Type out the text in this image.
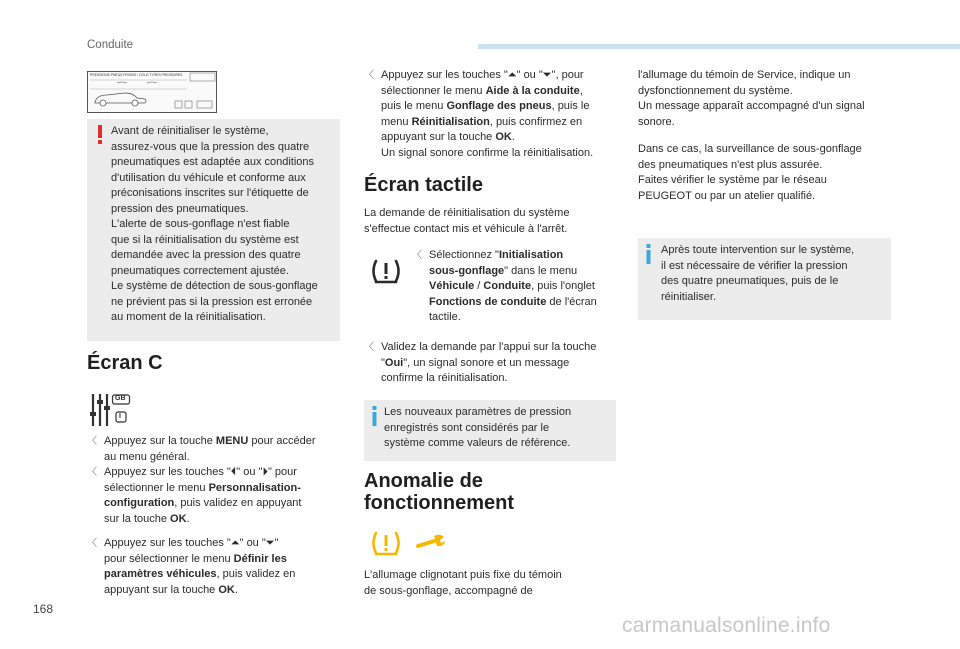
Conduite
PRESSIONS PNEUS FROIDS / COLD TYRES PRESSURES
Avant de réinitialiser le système,
assurez-vous que la pression des quatre
pneumatiques est adaptée aux conditions
d'utilisation du véhicule et conforme aux
préconisations inscrites sur l'étiquette de
pression des pneumatiques.
L'alerte de sous-gonflage n'est fiable
que si la réinitialisation du système est
demandée avec la pression des quatre
pneumatiques correctement ajustée.
Le système de détection de sous-gonflage
ne prévient pas si la pression est erronée
au moment de la réinitialisation.
Écran C
GB
I
〈︎ Appuyez sur la touche MENU pour accéder
au menu général.
〈︎ Appuyez sur les touches "⏴" ou "⏵" pour
sélectionner le menu Personnalisation-
configuration, puis validez en appuyant
sur la touche OK.
〈︎ Appuyez sur les touches "⏶" ou "⏷"
pour sélectionner le menu Définir les
paramètres véhicules, puis validez en
appuyant sur la touche OK.
〈︎ Appuyez sur les touches "⏶" ou "⏷", pour
sélectionner le menu Aide à la conduite,
puis le menu Gonflage des pneus, puis le
menu Réinitialisation, puis confirmez en
appuyant sur la touche OK.
Un signal sonore confirme la réinitialisation.
Écran tactile
La demande de réinitialisation du système
s'effectue contact mis et véhicule à l'arrêt.
〈︎ Sélectionnez "Initialisation
sous-gonflage" dans le menu
Véhicule / Conduite, puis l'onglet
Fonctions de conduite de l'écran
tactile.
〈︎ Validez la demande par l'appui sur la touche
"Oui", un signal sonore et un message
confirme la réinitialisation.
Les nouveaux paramètres de pression
enregistrés sont considérés par le
système comme valeurs de référence.
Anomalie de
fonctionnement
L'allumage clignotant puis fixe du témoin
de sous-gonflage, accompagné de
l'allumage du témoin de Service, indique un
dysfonctionnement du système.
Un message apparaît accompagné d'un signal
sonore.
Dans ce cas, la surveillance de sous-gonflage
des pneumatiques n'est plus assurée.
Faites vérifier le système par le réseau
PEUGEOT ou par un atelier qualifié.
Après toute intervention sur le système,
il est nécessaire de vérifier la pression
des quatre pneumatiques, puis de le
réinitialiser.
168
carmanualsonline.info
